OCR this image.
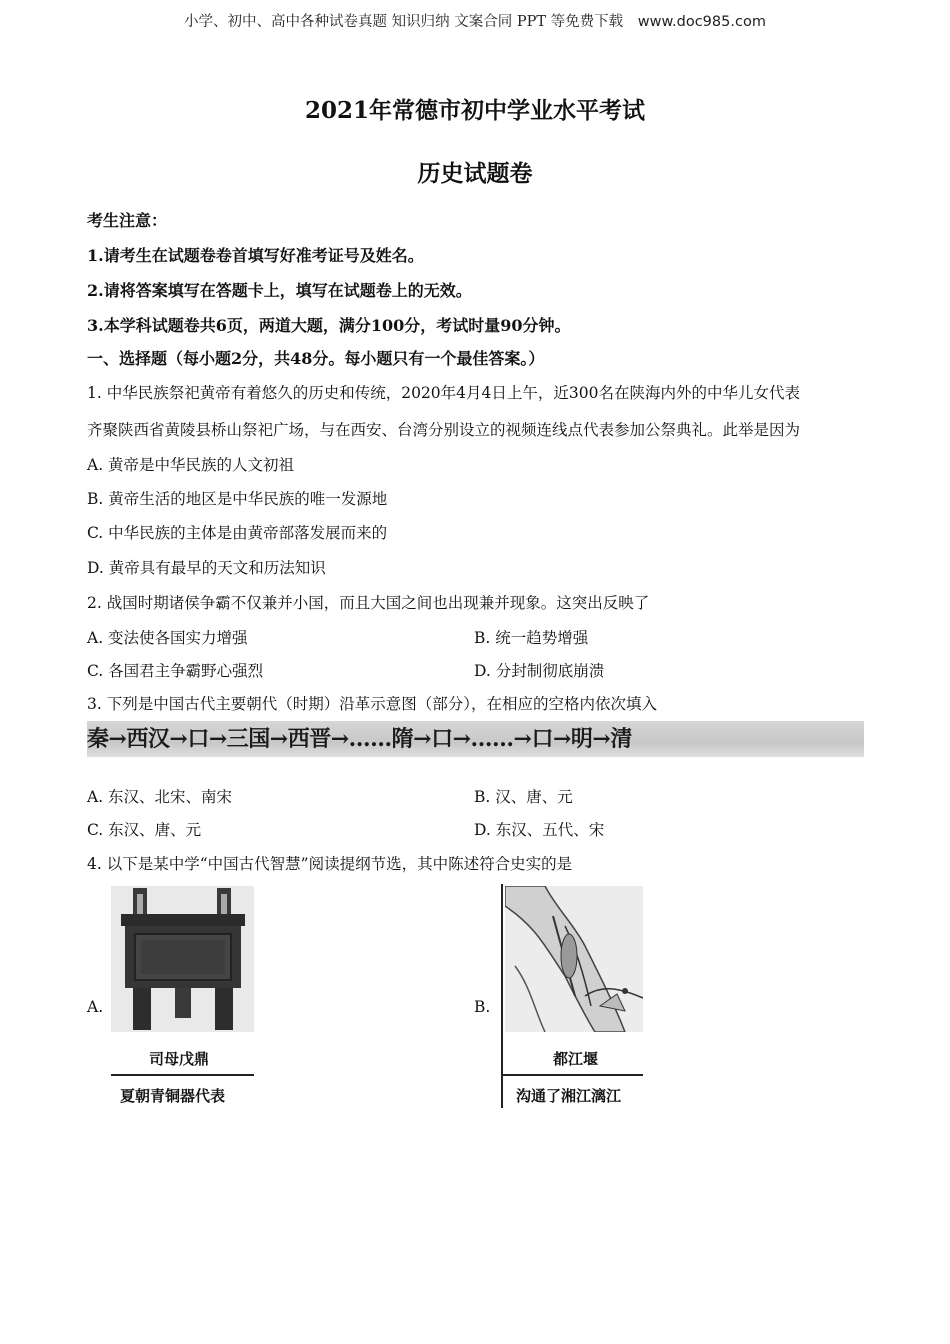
小学、初中、高中各种试卷真题 知识归纳 文案合同 PPT 等免费下载 www.doc985.com
2021年常德市初中学业水平考试
历史试题卷
考生注意：
1.请考生在试题卷卷首填写好准考证号及姓名。
2.请将答案填写在答题卡上，填写在试题卷上的无效。
3.本学科试题卷共6页，两道大题，满分100分，考试时量90分钟。
一、选择题（每小题2分，共48分。每小题只有一个最佳答案。）
1. 中华民族祭祀黄帝有着悠久的历史和传统，2020年4月4日上午，近300名在陕海内外的中华儿女代表
齐聚陕西省黄陵县桥山祭祀广场，与在西安、台湾分别设立的视频连线点代表参加公祭典礼。此举是因为
A. 黄帝是中华民族的人文初祖
B. 黄帝生活的地区是中华民族的唯一发源地
C. 中华民族的主体是由黄帝部落发展而来的
D. 黄帝具有最早的天文和历法知识
2. 战国时期诸侯争霸不仅兼并小国，而且大国之间也出现兼并现象。这突出反映了
A. 变法使各国实力增强	B. 统一趋势增强
C. 各国君主争霸野心强烈	D. 分封制彻底崩溃
3. 下列是中国古代主要朝代（时期）沿革示意图（部分），在相应的空格内依次填入
秦→西汉→口→三国→西晋→……隋→口→……→口→明→清
A. 东汉、北宋、南宋	B. 汉、唐、元
C. 东汉、唐、元	D. 东汉、五代、宋
4. 以下是某中学“中国古代智慧”阅读提纲节选，其中陈述符合史实的是
A.
司母戊鼎
夏朝青铜器代表
B.
都江堰
沟通了湘江漓江
